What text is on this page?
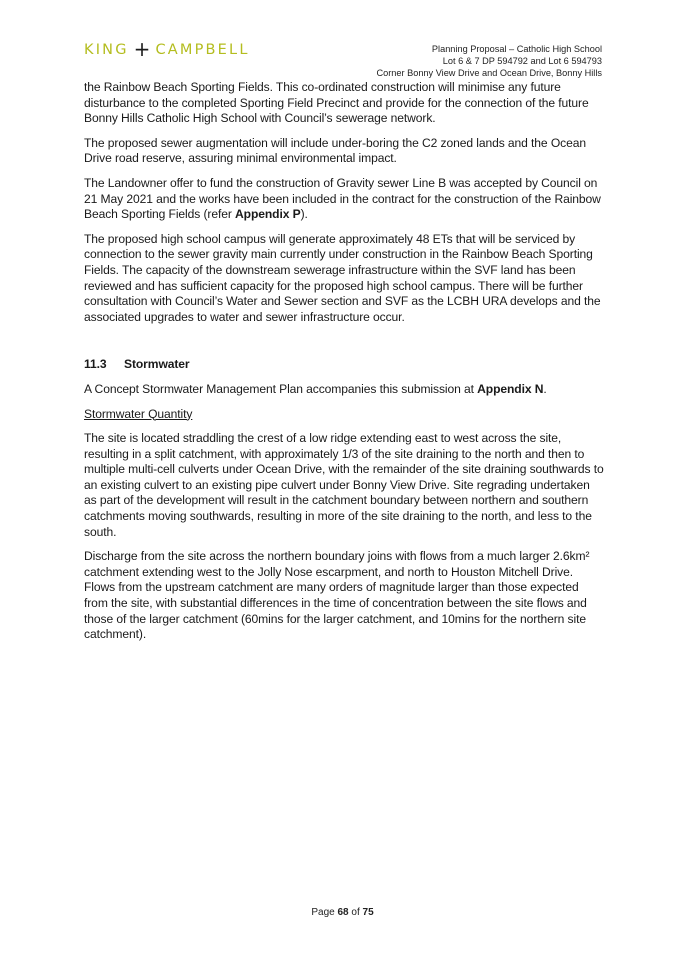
KING + CAMPBELL	Planning Proposal – Catholic High School
Lot 6 & 7 DP 594792 and Lot 6 594793
Corner Bonny View Drive and Ocean Drive, Bonny Hills

the Rainbow Beach Sporting Fields. This co-ordinated construction will minimise any future disturbance to the completed Sporting Field Precinct and provide for the connection of the future Bonny Hills Catholic High School with Council’s sewerage network.

The proposed sewer augmentation will include under-boring the C2 zoned lands and the Ocean Drive road reserve, assuring minimal environmental impact.

The Landowner offer to fund the construction of Gravity sewer Line B was accepted by Council on 21 May 2021 and the works have been included in the contract for the construction of the Rainbow Beach Sporting Fields (refer Appendix P).

The proposed high school campus will generate approximately 48 ETs that will be serviced by connection to the sewer gravity main currently under construction in the Rainbow Beach Sporting Fields. The capacity of the downstream sewerage infrastructure within the SVF land has been reviewed and has sufficient capacity for the proposed high school campus. There will be further consultation with Council’s Water and Sewer section and SVF as the LCBH URA develops and the associated upgrades to water and sewer infrastructure occur.

11.3 Stormwater

A Concept Stormwater Management Plan accompanies this submission at Appendix N.

Stormwater Quantity

The site is located straddling the crest of a low ridge extending east to west across the site, resulting in a split catchment, with approximately 1/3 of the site draining to the north and then to multiple multi-cell culverts under Ocean Drive, with the remainder of the site draining southwards to an existing culvert to an existing pipe culvert under Bonny View Drive. Site regrading undertaken as part of the development will result in the catchment boundary between northern and southern catchments moving southwards, resulting in more of the site draining to the north, and less to the south.

Discharge from the site across the northern boundary joins with flows from a much larger 2.6km² catchment extending west to the Jolly Nose escarpment, and north to Houston Mitchell Drive. Flows from the upstream catchment are many orders of magnitude larger than those expected from the site, with substantial differences in the time of concentration between the site flows and those of the larger catchment (60mins for the larger catchment, and 10mins for the northern site catchment).

Page 68 of 75
